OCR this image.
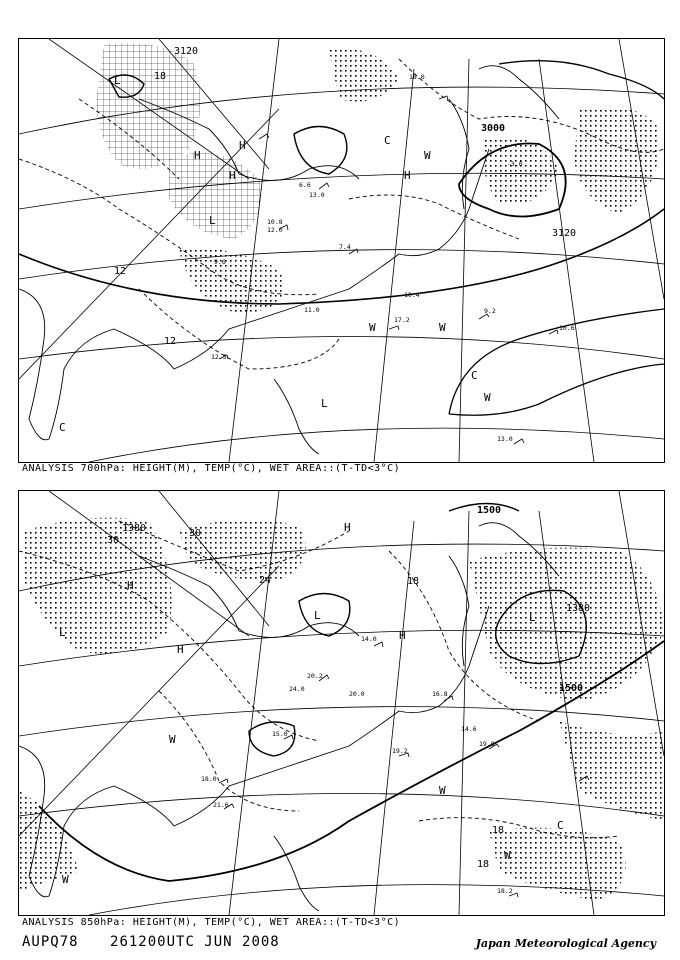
3120
12
3000
3120
18
12
H
H
H	H
L
L
L
C
C
C
W
W	W
W
6.6
13.0
10.8
12.0
17.2
9.2
11.0
10.4
10.6
13.0
12.5
-3.0
7.4
18.0
9.6
ANALYSIS 700hPa: HEIGHT(M), TEMP(°C), WET AREA::(T-TD<3°C)
1380
30
24	18
1500
1380
1500
18
18
30	H
H
H
H
L
L	L
C
W
W
W
W
20.2
24.0
14.0
19.2
18.0
15.0
21.6
19.0
16.8
14.6
18.2
20.0
ANALYSIS 850hPa: HEIGHT(M), TEMP(°C), WET AREA::(T-TD<3°C)
AUPQ78 261200UTC JUN 2008	Japan Meteorological Agency
